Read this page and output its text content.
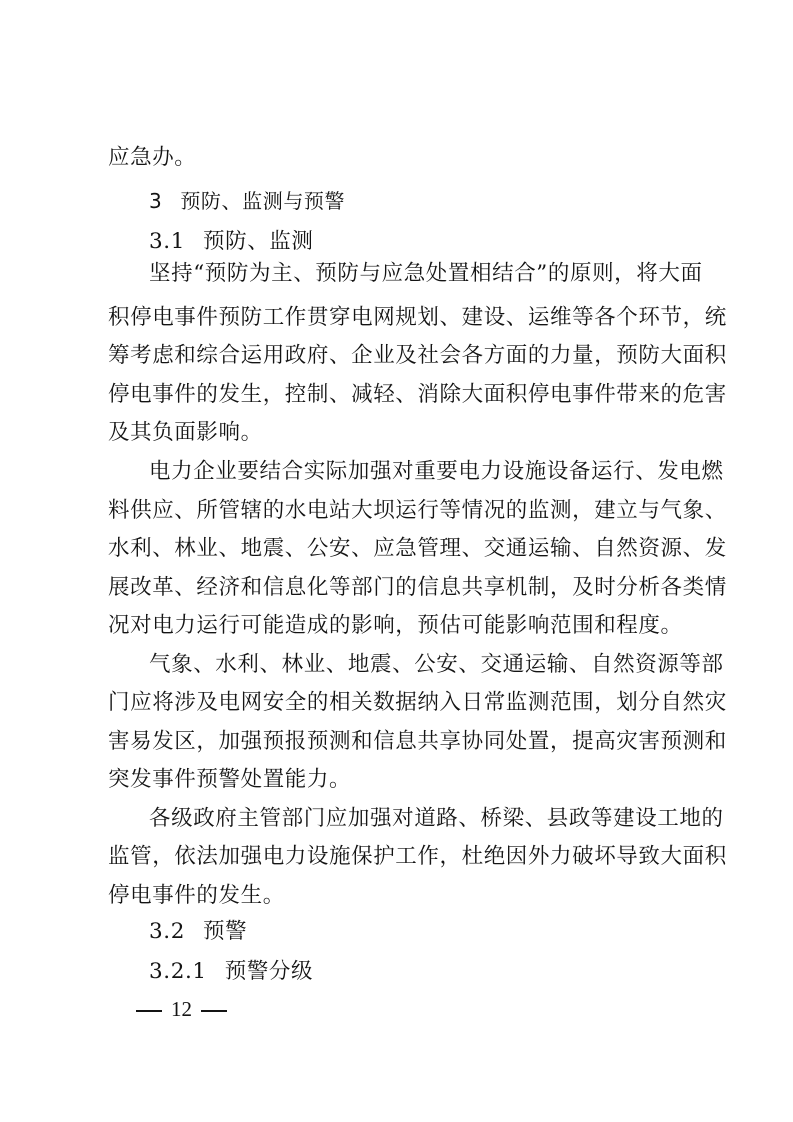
应急办。
3 预防、监测与预警
3.1 预防、监测
坚持“预防为主、预防与应急处置相结合”的原则，将大面
积停电事件预防工作贯穿电网规划、建设、运维等各个环节，统
筹考虑和综合运用政府、企业及社会各方面的力量，预防大面积
停电事件的发生，控制、减轻、消除大面积停电事件带来的危害
及其负面影响。
电力企业要结合实际加强对重要电力设施设备运行、发电燃
料供应、所管辖的水电站大坝运行等情况的监测，建立与气象、
水利、林业、地震、公安、应急管理、交通运输、自然资源、发
展改革、经济和信息化等部门的信息共享机制，及时分析各类情
况对电力运行可能造成的影响，预估可能影响范围和程度。
气象、水利、林业、地震、公安、交通运输、自然资源等部
门应将涉及电网安全的相关数据纳入日常监测范围，划分自然灾
害易发区，加强预报预测和信息共享协同处置，提高灾害预测和
突发事件预警处置能力。
各级政府主管部门应加强对道路、桥梁、县政等建设工地的
监管，依法加强电力设施保护工作，杜绝因外力破坏导致大面积
停电事件的发生。
3.2 预警
3.2.1 预警分级
12
